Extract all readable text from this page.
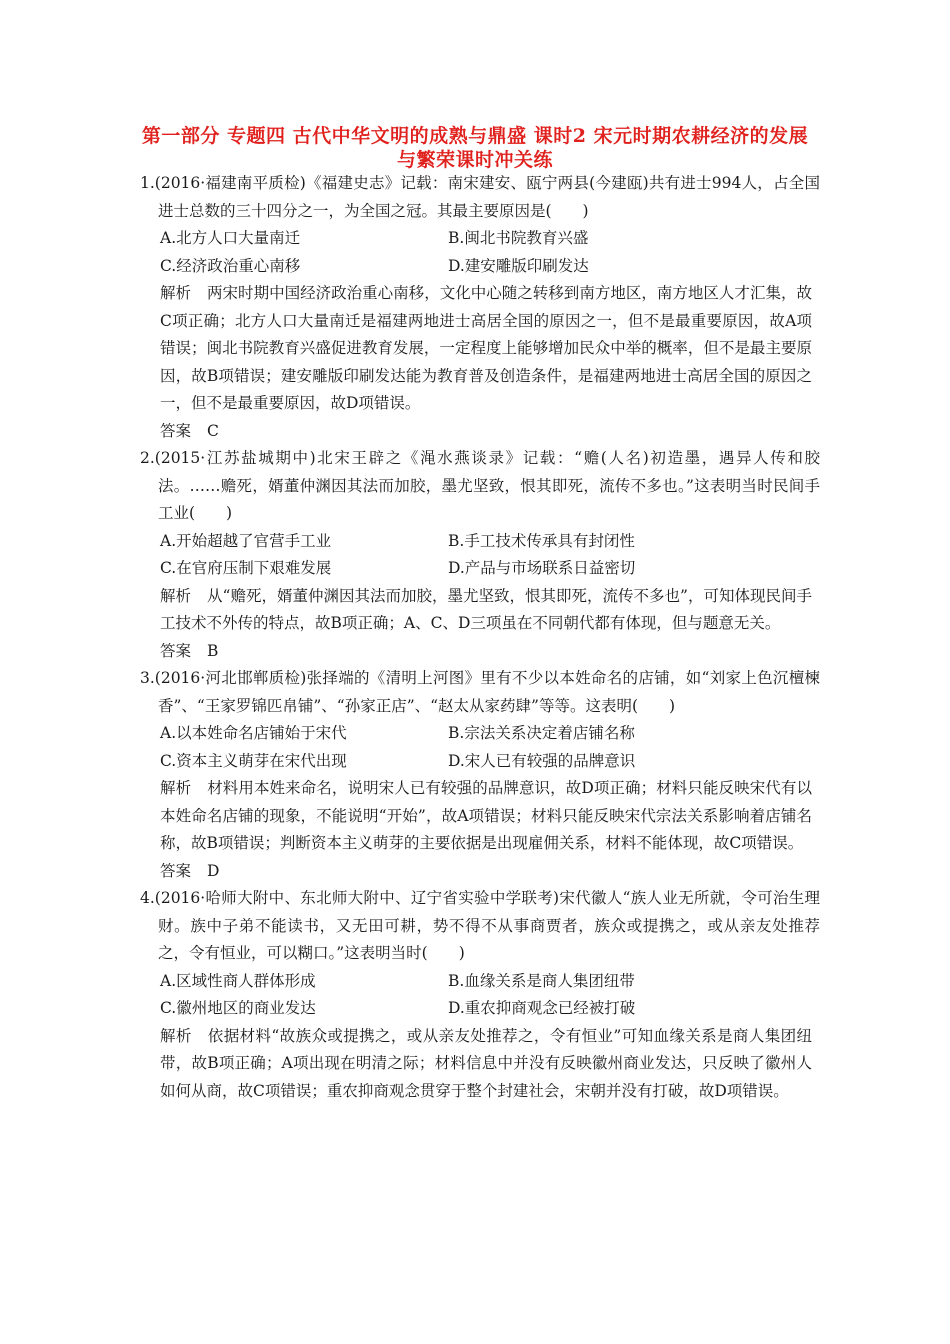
第一部分 专题四 古代中华文明的成熟与鼎盛 课时2 宋元时期农耕经济的发展与繁荣课时冲关练
1.(2016·福建南平质检)《福建史志》记载：南宋建安、瓯宁两县(今建瓯)共有进士994人，占全国进士总数的三十四分之一，为全国之冠。其最主要原因是(　　)
A.北方人口大量南迁	B.闽北书院教育兴盛
C.经济政治重心南移	D.建安雕版印刷发达
解析 两宋时期中国经济政治重心南移，文化中心随之转移到南方地区，南方地区人才汇集，故C项正确；北方人口大量南迁是福建两地进士高居全国的原因之一，但不是最重要原因，故A项错误；闽北书院教育兴盛促进教育发展，一定程度上能够增加民众中举的概率，但不是最主要原因，故B项错误；建安雕版印刷发达能为教育普及创造条件，是福建两地进士高居全国的原因之一，但不是最重要原因，故D项错误。
答案 C
2.(2015·江苏盐城期中)北宋王辟之《渑水燕谈录》记载：“赡(人名)初造墨，遇异人传和胶法。……赡死，婿董仲渊因其法而加胶，墨尤坚致，恨其即死，流传不多也。”这表明当时民间手工业(　　)
A.开始超越了官营手工业	B.手工技术传承具有封闭性
C.在官府压制下艰难发展	D.产品与市场联系日益密切
解析 从“赡死，婿董仲渊因其法而加胶，墨尤坚致，恨其即死，流传不多也”，可知体现民间手工技术不外传的特点，故B项正确；A、C、D三项虽在不同朝代都有体现，但与题意无关。
答案 B
3.(2016·河北邯郸质检)张择端的《清明上河图》里有不少以本姓命名的店铺，如“刘家上色沉檀楝香”、“王家罗锦匹帛铺”、“孙家正店”、“赵太从家药肆”等等。这表明(　　)
A.以本姓命名店铺始于宋代	B.宗法关系决定着店铺名称
C.资本主义萌芽在宋代出现	D.宋人已有较强的品牌意识
解析 材料用本姓来命名，说明宋人已有较强的品牌意识，故D项正确；材料只能反映宋代有以本姓命名店铺的现象，不能说明“开始”，故A项错误；材料只能反映宋代宗法关系影响着店铺名称，故B项错误；判断资本主义萌芽的主要依据是出现雇佣关系，材料不能体现，故C项错误。
答案 D
4.(2016·哈师大附中、东北师大附中、辽宁省实验中学联考)宋代徽人“族人业无所就，令可治生理财。族中子弟不能读书，又无田可耕，势不得不从事商贾者，族众或提携之，或从亲友处推荐之，令有恒业，可以糊口。”这表明当时(　　)
A.区域性商人群体形成	B.血缘关系是商人集团纽带
C.徽州地区的商业发达	D.重农抑商观念已经被打破
解析 依据材料“故族众或提携之，或从亲友处推荐之，令有恒业”可知血缘关系是商人集团纽带，故B项正确；A项出现在明清之际；材料信息中并没有反映徽州商业发达，只反映了徽州人如何从商，故C项错误；重农抑商观念贯穿于整个封建社会，宋朝并没有打破，故D项错误。
